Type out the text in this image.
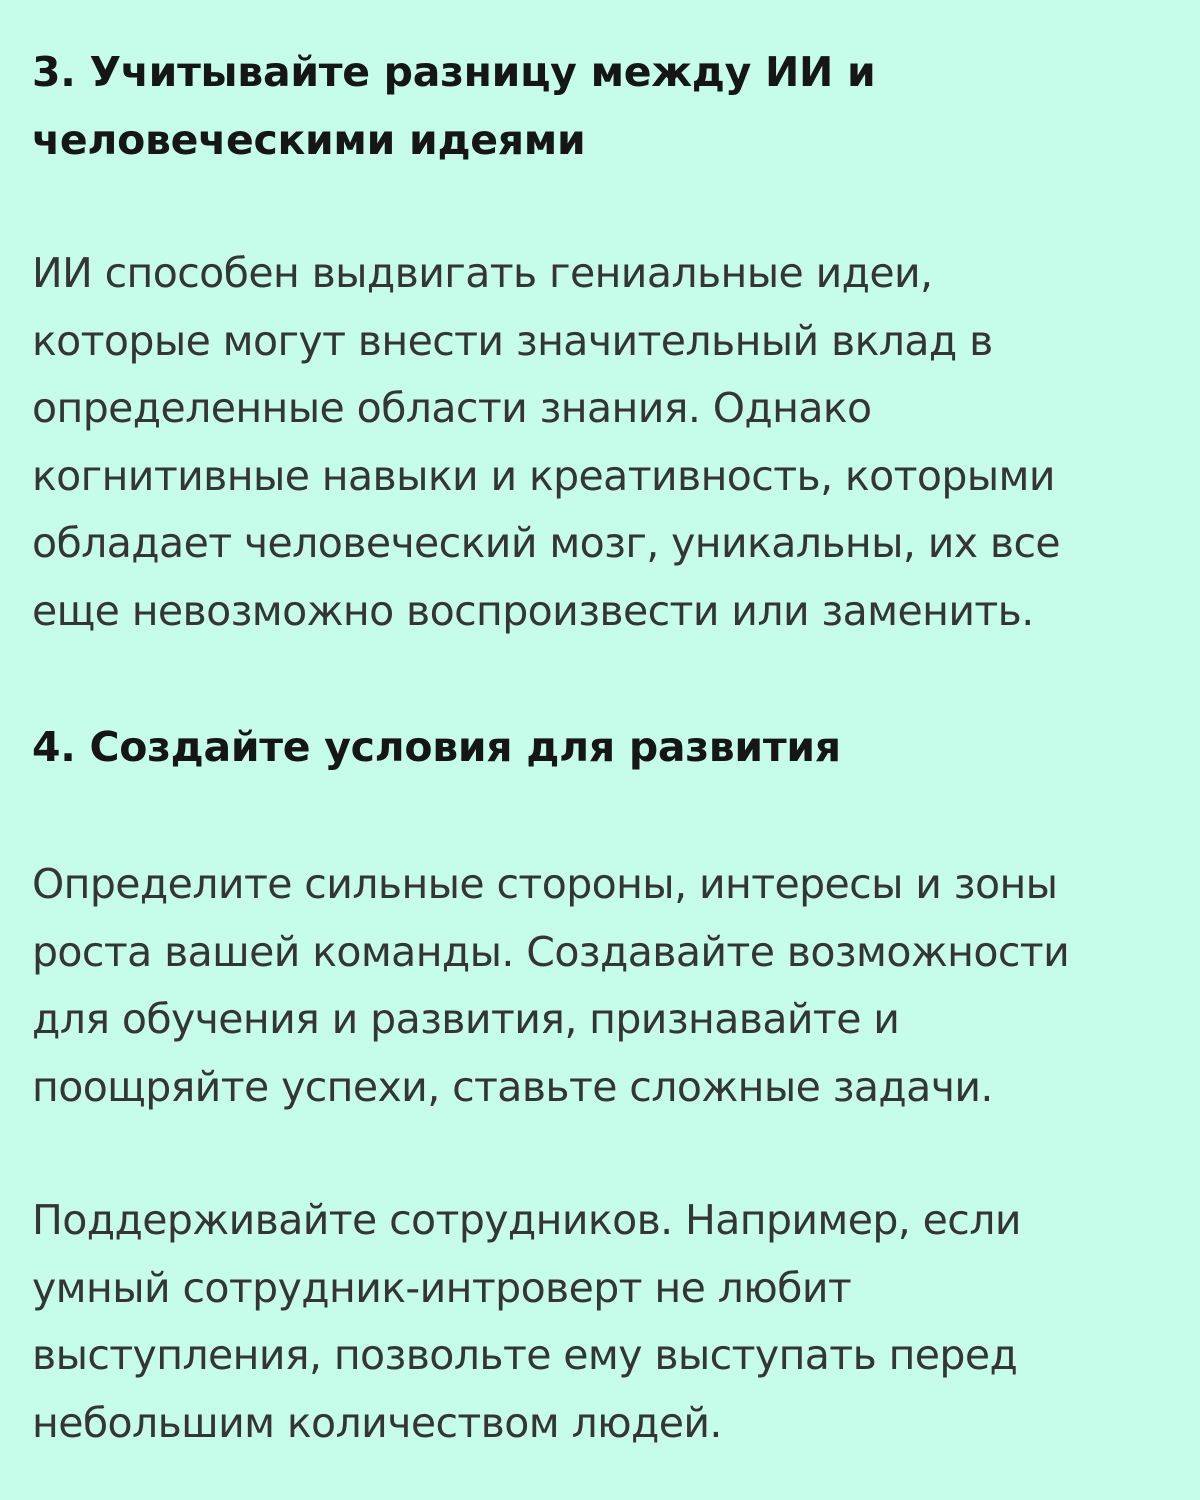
3. Учитывайте разницу между ИИ и
человеческими идеями

ИИ способен выдвигать гениальные идеи,
которые могут внести значительный вклад в
определенные области знания. Однако
когнитивные навыки и креативность, которыми
обладает человеческий мозг, уникальны, их все
еще невозможно воспроизвести или заменить.

4. Создайте условия для развития

Определите сильные стороны, интересы и зоны
роста вашей команды. Создавайте возможности
для обучения и развития, признавайте и
поощряйте успехи, ставьте сложные задачи.

Поддерживайте сотрудников. Например, если
умный сотрудник-интроверт не любит
выступления, позвольте ему выступать перед
небольшим количеством людей.
